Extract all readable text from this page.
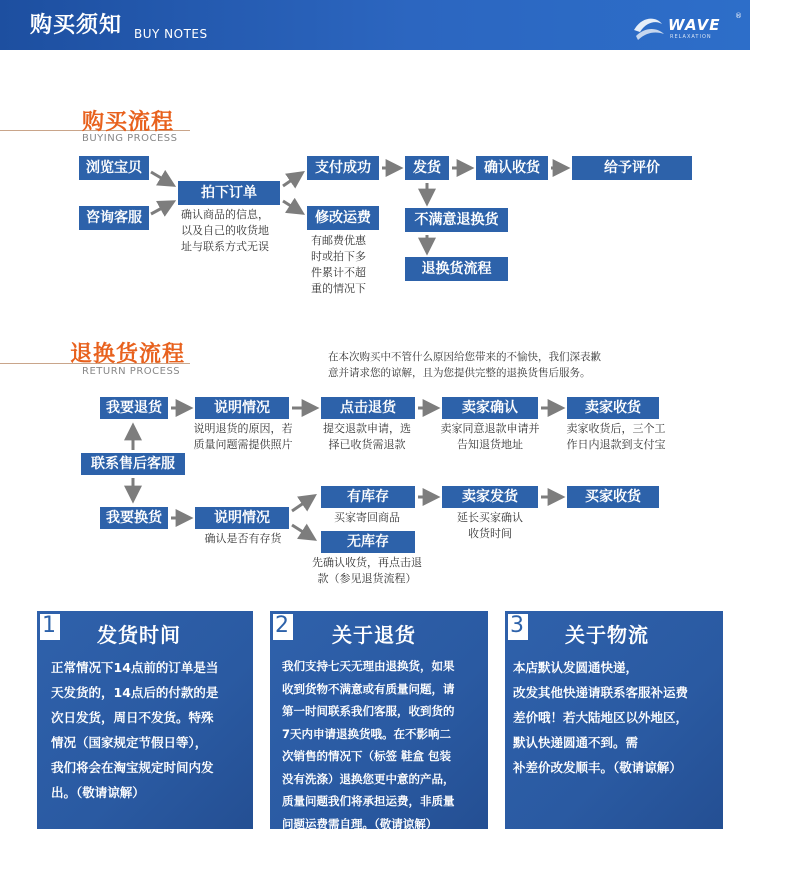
购买须知 BUY NOTES	WAVE ®
RELAXATION
购买流程
BUYING PROCESS
浏览宝贝
咨询客服
拍下订单
确认商品的信息，
以及自己的收货地
址与联系方式无误
支付成功
修改运费
有邮费优惠
时或拍下多
件累计不超
重的情况下
发货	确认收货	给予评价
不满意退换货
退换货流程
退换货流程
RETURN PROCESS
在本次购买中不管什么原因给您带来的不愉快，我们深表歉
意并请求您的谅解，且为您提供完整的退换货售后服务。
我要退货	说明情况
说明退货的原因，若
质量问题需提供照片
点击退货
提交退款申请，选
择已收货需退款
卖家确认
卖家同意退款申请并
告知退货地址
卖家收货
卖家收货后，三个工
作日内退款到支付宝
联系售后客服
我要换货	说明情况
确认是否有存货
有库存
买家寄回商品
无库存
先确认收货，再点击退
款（参见退货流程）
卖家发货
延长买家确认
收货时间
买家收货
1 发货时间
正常情况下14点前的订单是当
天发货的，14点后的付款的是
次日发货，周日不发货。特殊
情况（国家规定节假日等），
我们将会在淘宝规定时间内发
出。（敬请谅解）
2 关于退货
我们支持七天无理由退换货，如果
收到货物不满意或有质量问题，请
第一时间联系我们客服，收到货的
7天内申请退换货哦。在不影响二
次销售的情况下（标签 鞋盒 包装
没有洗涤）退换您更中意的产品，
质量问题我们将承担运费，非质量
问题运费需自理。（敬请谅解）
3 关于物流
本店默认发圆通快递，
改发其他快递请联系客服补运费
差价哦！若大陆地区以外地区，
默认快递圆通不到。需
补差价改发顺丰。（敬请谅解）
